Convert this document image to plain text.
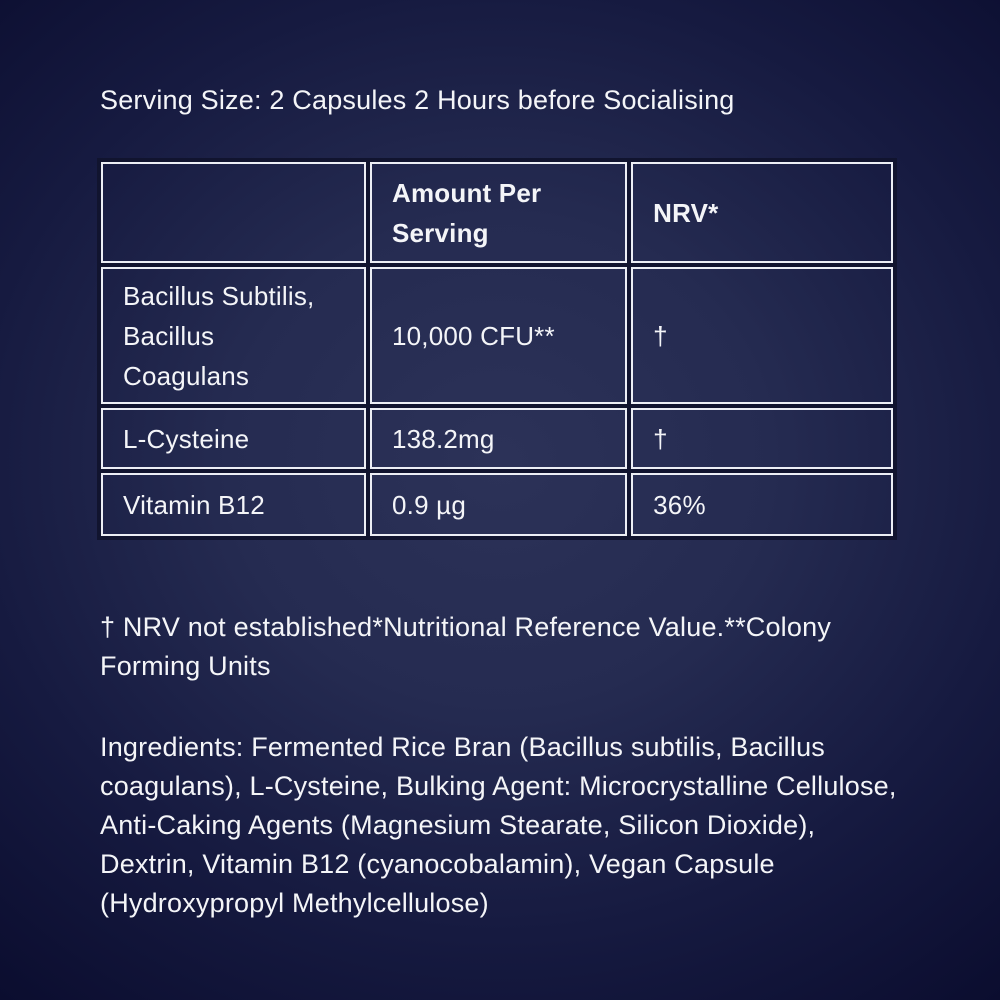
Serving Size: 2 Capsules 2 Hours before Socialising
	Amount Per Serving	NRV*
Bacillus Subtilis, Bacillus Coagulans	10,000 CFU**	†
L-Cysteine	138.2mg	†
Vitamin B12	0.9 µg	36%

† NRV not established*Nutritional Reference Value.**Colony Forming Units

Ingredients: Fermented Rice Bran (Bacillus subtilis, Bacillus coagulans), L-Cysteine, Bulking Agent: Microcrystalline Cellulose, Anti-Caking Agents (Magnesium Stearate, Silicon Dioxide), Dextrin, Vitamin B12 (cyanocobalamin), Vegan Capsule (Hydroxypropyl Methylcellulose)
